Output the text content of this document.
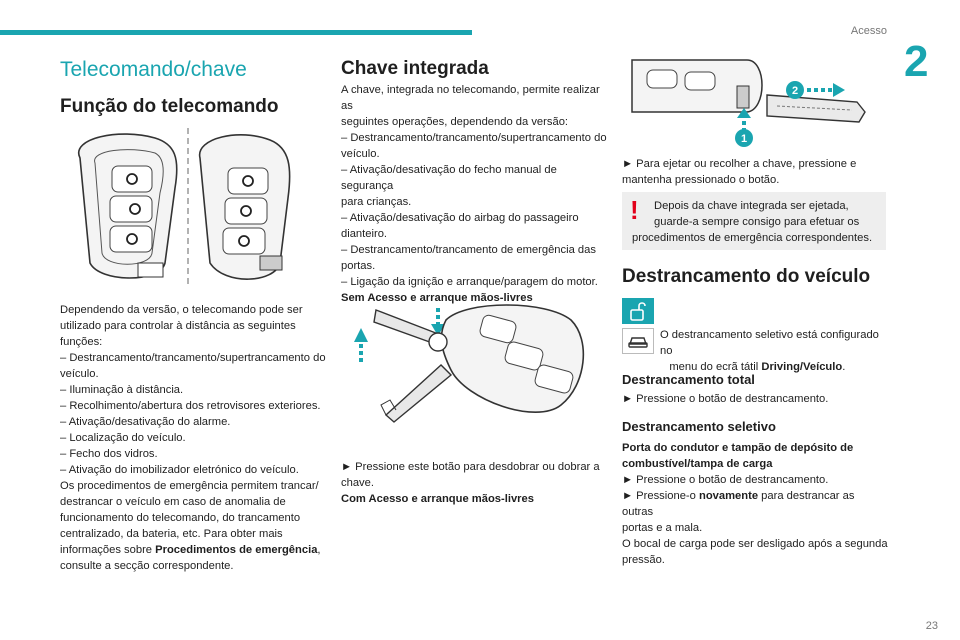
Acesso
2
23
Telecomando/chave
Função do telecomando

Dependendo da versão, o telecomando pode ser

utilizado para controlar à distância as seguintes

funções:

– Destrancamento/trancamento/supertrancamento do

veículo.

– Iluminação à distância.

– Recolhimento/abertura dos retrovisores exteriores.

– Ativação/desativação do alarme.

– Localização do veículo.

– Fecho dos vidros.

– Ativação do imobilizador eletrónico do veículo.

Os procedimentos de emergência permitem trancar/

destrancar o veículo em caso de anomalia de

funcionamento do telecomando, do trancamento

centralizado, da bateria, etc. Para obter mais

informações sobre Procedimentos de emergência,

consulte a secção correspondente.

Chave integrada

A chave, integrada no telecomando, permite realizar as

seguintes operações, dependendo da versão:

– Destrancamento/trancamento/supertrancamento do

veículo.

– Ativação/desativação do fecho manual de segurança

para crianças.

– Ativação/desativação do airbag do passageiro

dianteiro.

– Destrancamento/trancamento de emergência das

portas.

– Ligação da ignição e arranque/paragem do motor.

Sem Acesso e arranque mãos-livres

► Pressione este botão para desdobrar ou dobrar a

chave.

Com Acesso e arranque mãos-livres

1
2

► Para ejetar ou recolher a chave, pressione e

mantenha pressionado o botão.

!	Depois da chave integrada ser ejetada,
guarde-a sempre consigo para efetuar os
procedimentos de emergência correspondentes.
Destrancamento do veículo

O destrancamento seletivo está configurado no

menu do ecrã tátil Driving/Veículo.

Destrancamento total

► Pressione o botão de destrancamento.

Destrancamento seletivo

Porta do condutor e tampão de depósito de

combustível/tampa de carga

► Pressione o botão de destrancamento.

► Pressione-o novamente para destrancar as outras

portas e a mala.

O bocal de carga pode ser desligado após a segunda

pressão.
